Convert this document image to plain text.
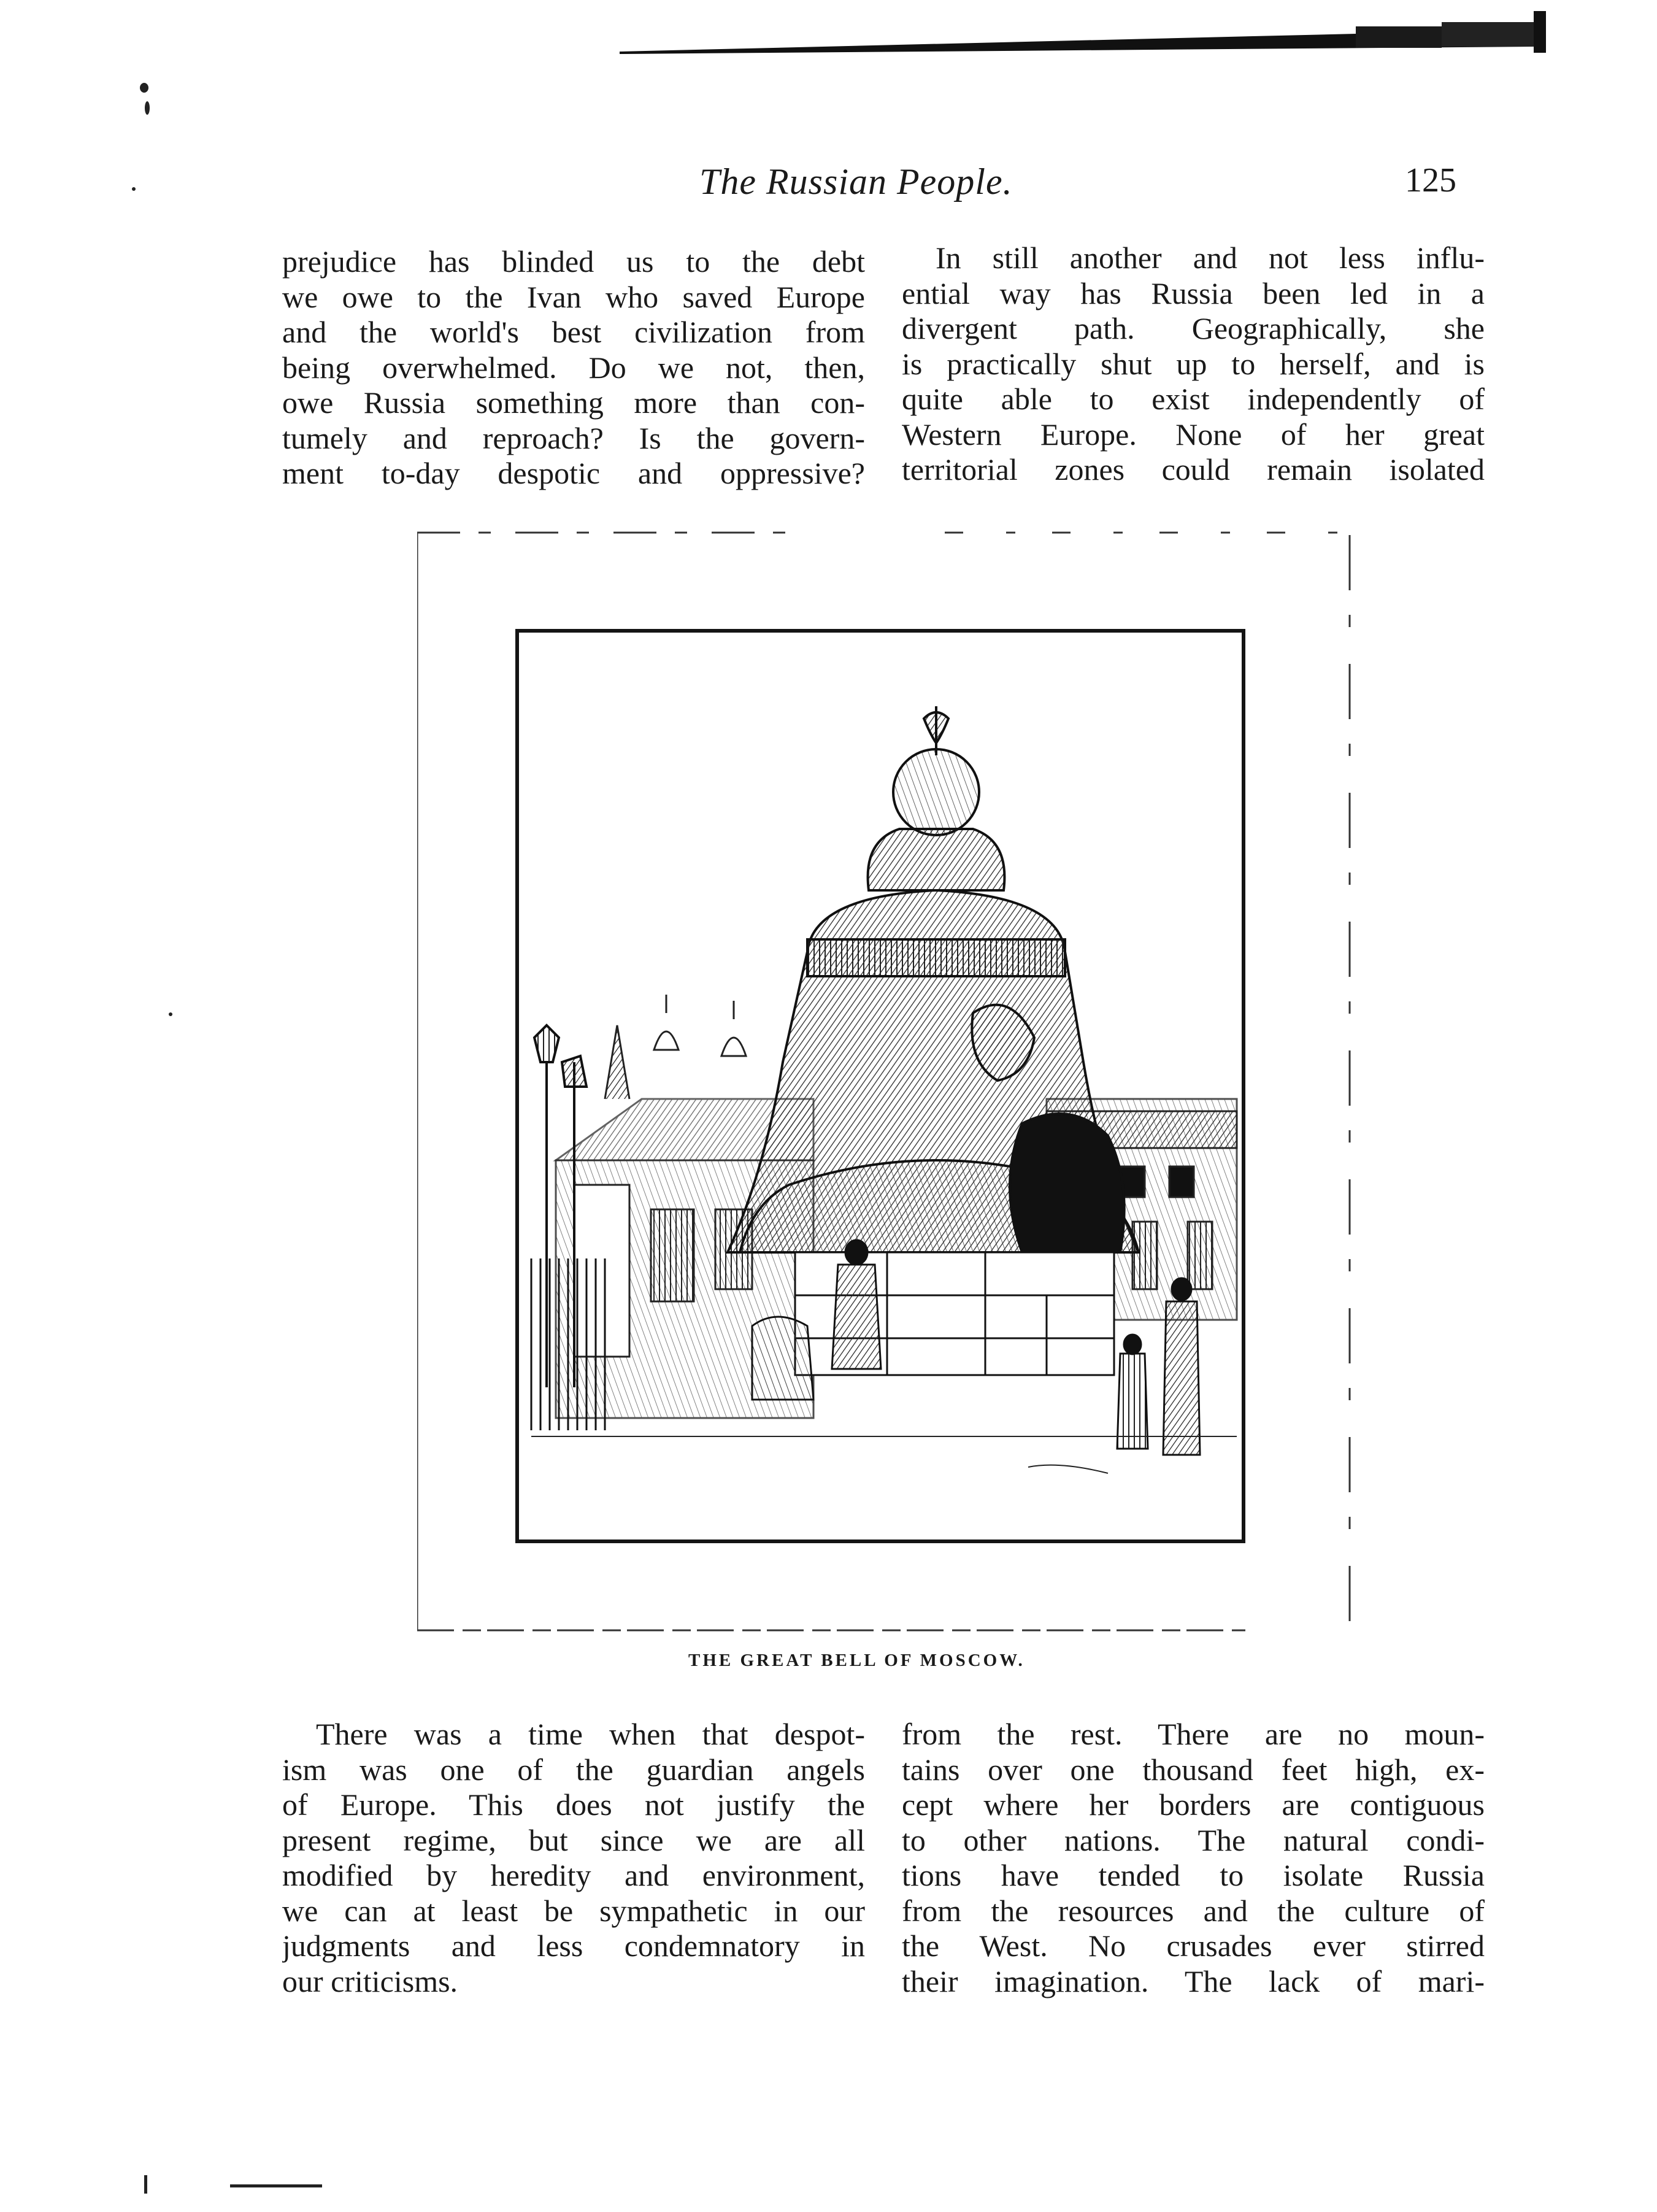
The Russian People.	125
prejudice has blinded us to the debt
we owe to the Ivan who saved Europe
and the world's best civilization from
being overwhelmed. Do we not, then,
owe Russia something more than con-
tumely and reproach? Is the govern-
ment to-day despotic and oppressive?
In still another and not less influ-
ential way has Russia been led in a
divergent path. Geographically, she
is practically shut up to herself, and is
quite able to exist independently of
Western Europe. None of her great
territorial zones could remain isolated
THE GREAT BELL OF MOSCOW.
There was a time when that despot-
ism was one of the guardian angels
of Europe. This does not justify the
present regime, but since we are all
modified by heredity and environment,
we can at least be sympathetic in our
judgments and less condemnatory in
our criticisms.
from the rest. There are no moun-
tains over one thousand feet high, ex-
cept where her borders are contiguous
to other nations. The natural condi-
tions have tended to isolate Russia
from the resources and the culture of
the West. No crusades ever stirred
their imagination. The lack of mari-
